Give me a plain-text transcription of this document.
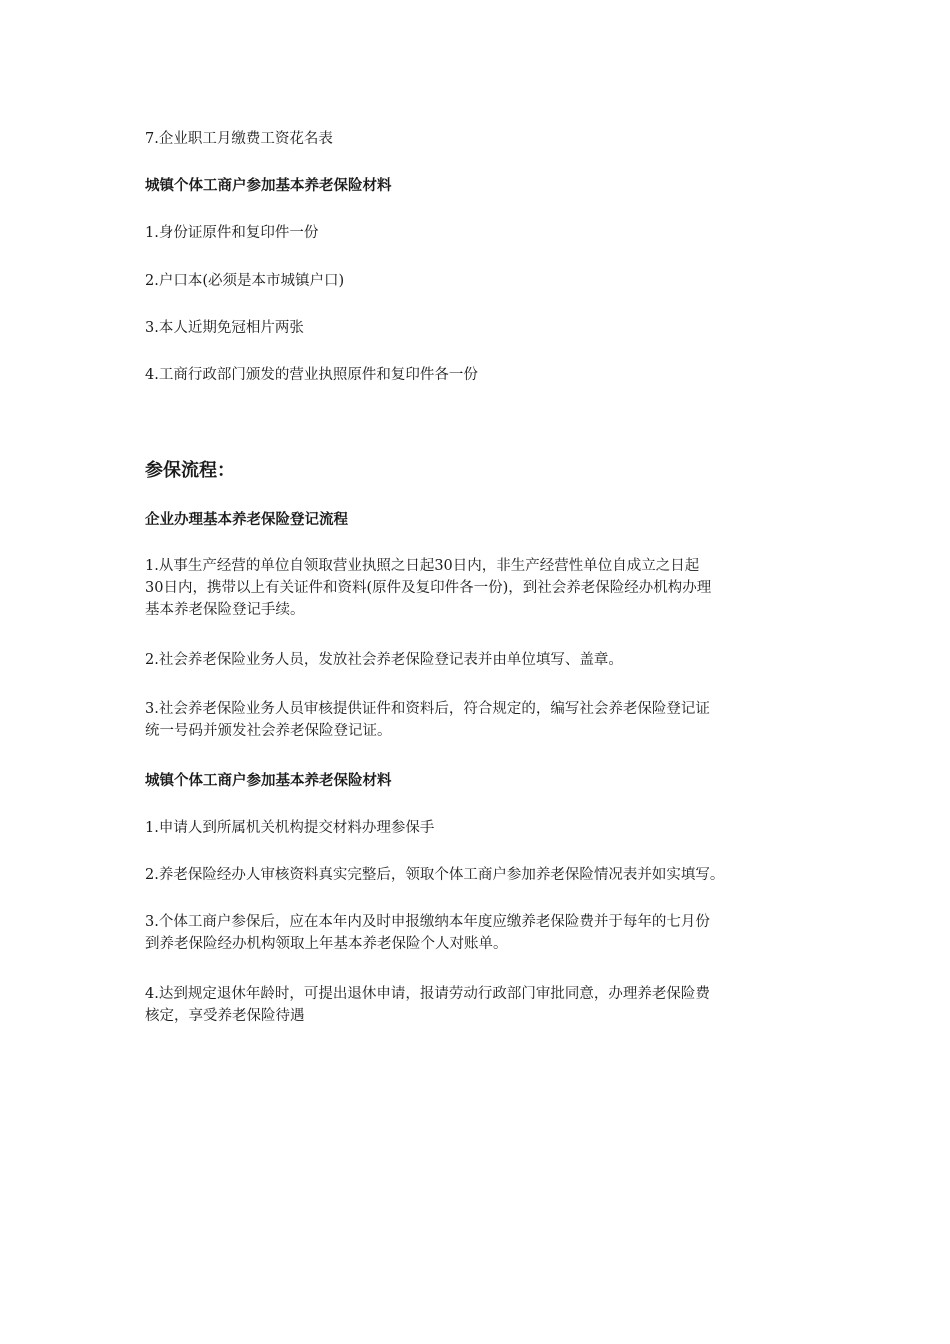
7.企业职工月缴费工资花名表
城镇个体工商户参加基本养老保险材料
1.身份证原件和复印件一份
2.户口本(必须是本市城镇户口)
3.本人近期免冠相片两张
4.工商行政部门颁发的营业执照原件和复印件各一份
参保流程：
企业办理基本养老保险登记流程
1.从事生产经营的单位自领取营业执照之日起30日内，非生产经营性单位自成立之日起
30日内，携带以上有关证件和资料(原件及复印件各一份)，到社会养老保险经办机构办理
基本养老保险登记手续。
2.社会养老保险业务人员，发放社会养老保险登记表并由单位填写、盖章。
3.社会养老保险业务人员审核提供证件和资料后，符合规定的，编写社会养老保险登记证
统一号码并颁发社会养老保险登记证。
城镇个体工商户参加基本养老保险材料
1.申请人到所属机关机构提交材料办理参保手
2.养老保险经办人审核资料真实完整后，领取个体工商户参加养老保险情况表并如实填写。
3.个体工商户参保后，应在本年内及时申报缴纳本年度应缴养老保险费并于每年的七月份
到养老保险经办机构领取上年基本养老保险个人对账单。
4.达到规定退休年龄时，可提出退休申请，报请劳动行政部门审批同意，办理养老保险费
核定，享受养老保险待遇
